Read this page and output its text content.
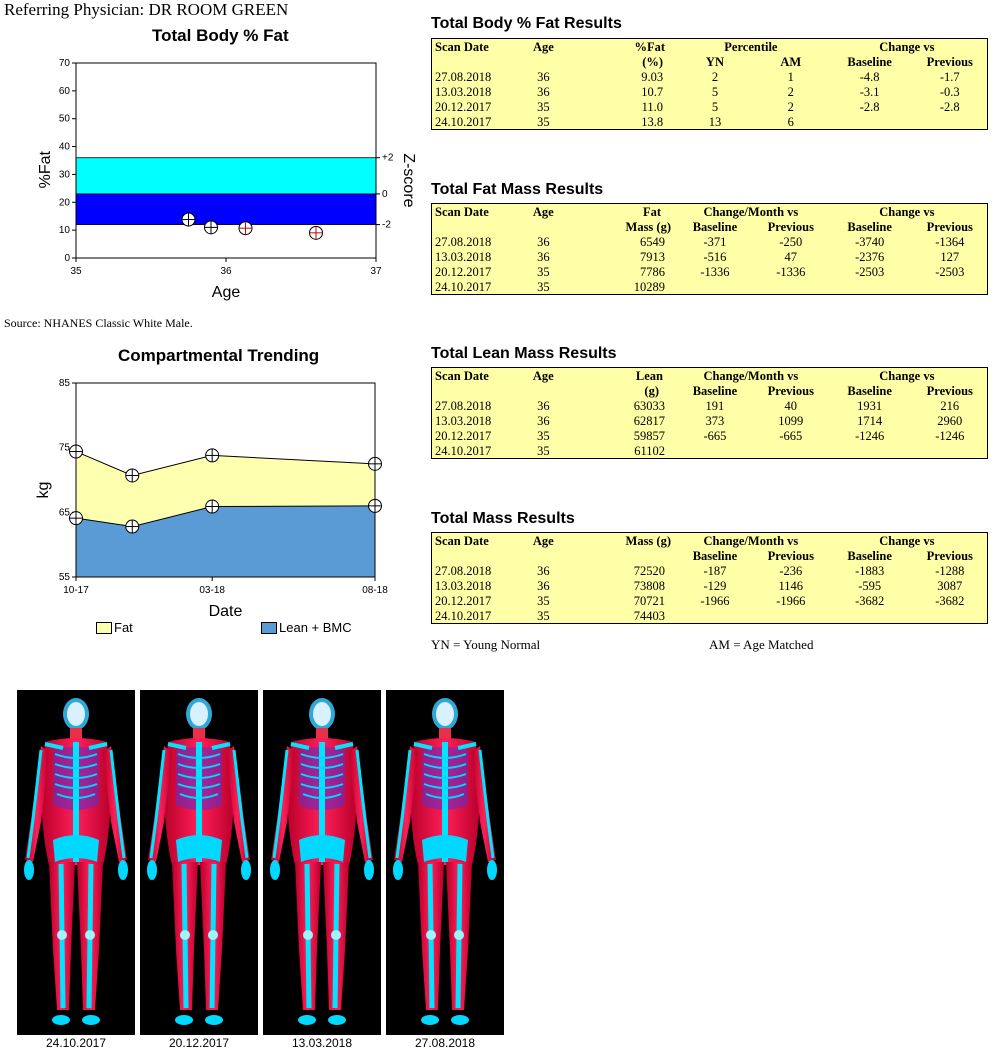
Referring Physician: DR ROOM GREEN
Total Body % Fat
0
10
20
30
40
50
60
70
35	36	37
+2
0
-2
Age
%Fat	Z-score
Source: NHANES Classic White Male.
Compartmental Trending
55
65
75
85
10-17	03-18	08-18
Date
kg
Fat	Lean + BMC
Total Body % Fat Results
Scan Date	Age	%Fat	Percentile		Change vs	
		(%)	YN	AM	Baseline	Previous
27.08.2018	36	9.03	2	1	-4.8	-1.7
13.03.2018	36	10.7	5	2	-3.1	-0.3
20.12.2017	35	11.0	5	2	-2.8	-2.8
24.10.2017	35	13.8	13	6		
Total Fat Mass Results
Scan Date	Age	Fat	Change/Month vs		Change vs	
		Mass (g)	Baseline	Previous	Baseline	Previous
27.08.2018	36	6549	-371	-250	-3740	-1364
13.03.2018	36	7913	-516	47	-2376	127
20.12.2017	35	7786	-1336	-1336	-2503	-2503
24.10.2017	35	10289				
Total Lean Mass Results
Scan Date	Age	Lean	Change/Month vs		Change vs	
		(g)	Baseline	Previous	Baseline	Previous
27.08.2018	36	63033	191	40	1931	216
13.03.2018	36	62817	373	1099	1714	2960
20.12.2017	35	59857	-665	-665	-1246	-1246
24.10.2017	35	61102				
Total Mass Results
Scan Date	Age	Mass (g)	Change/Month vs		Change vs	
			Baseline	Previous	Baseline	Previous
27.08.2018	36	72520	-187	-236	-1883	-1288
13.03.2018	36	73808	-129	1146	-595	3087
20.12.2017	35	70721	-1966	-1966	-3682	-3682
24.10.2017	35	74403				
YN = Young Normal	AM = Age Matched
24.10.2017	20.12.2017	13.03.2018	27.08.2018
